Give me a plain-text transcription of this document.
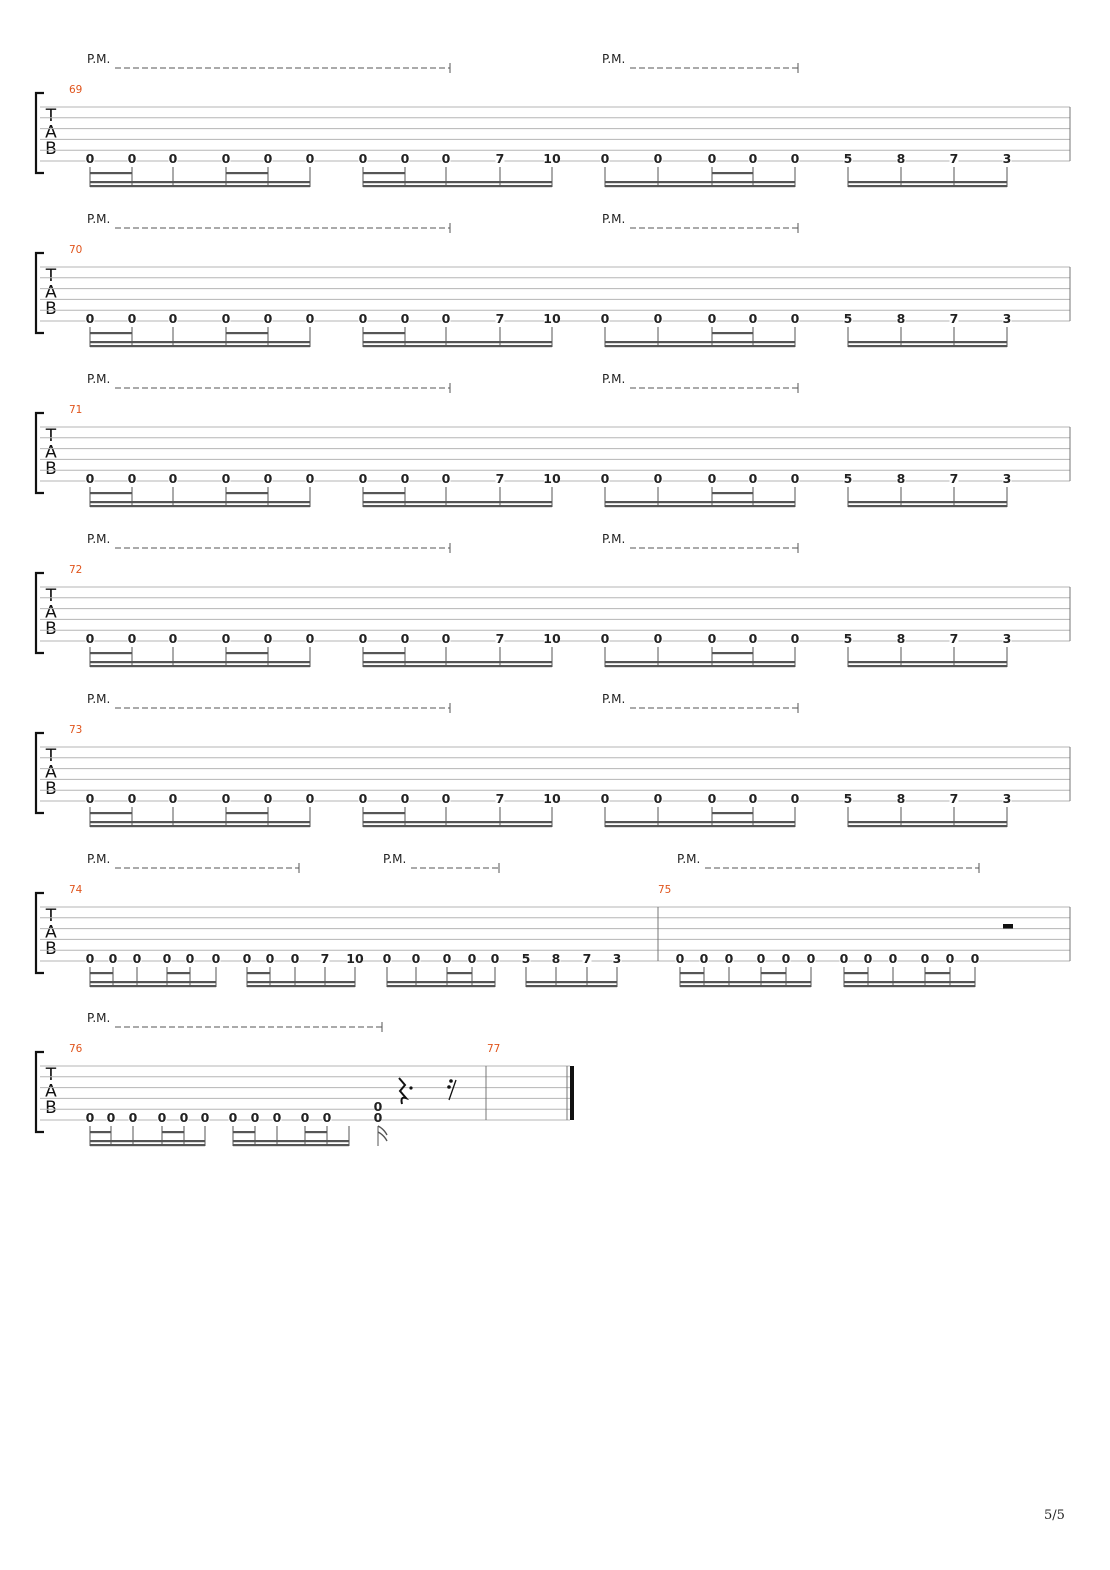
T
A
B
69
P.M.	P.M.
0	0	0	0	0	0	0	0	0	7	10	0	0	0	0	0	5	8	7	3
T
A
B
70
P.M.	P.M.
0	0	0	0	0	0	0	0	0	7	10	0	0	0	0	0	5	8	7	3
T
A
B
71
P.M.	P.M.
0	0	0	0	0	0	0	0	0	7	10	0	0	0	0	0	5	8	7	3
T
A
B
72
P.M.	P.M.
0	0	0	0	0	0	0	0	0	7	10	0	0	0	0	0	5	8	7	3
T
A
B
73
P.M.	P.M.
0	0	0	0	0	0	0	0	0	7	10	0	0	0	0	0	5	8	7	3
T
A
B
74	75
P.M.	P.M.	P.M.
0 0 0 0 0 0 0 0 0 7 10 0 0 0 0 0 5 8 7 3	0 0 0 0 0 0 0 0 0 0 0 0
T
A
B
76	77
P.M.
0 0 0 0 0 0 0 0 0 0 0
0
0
5/5
